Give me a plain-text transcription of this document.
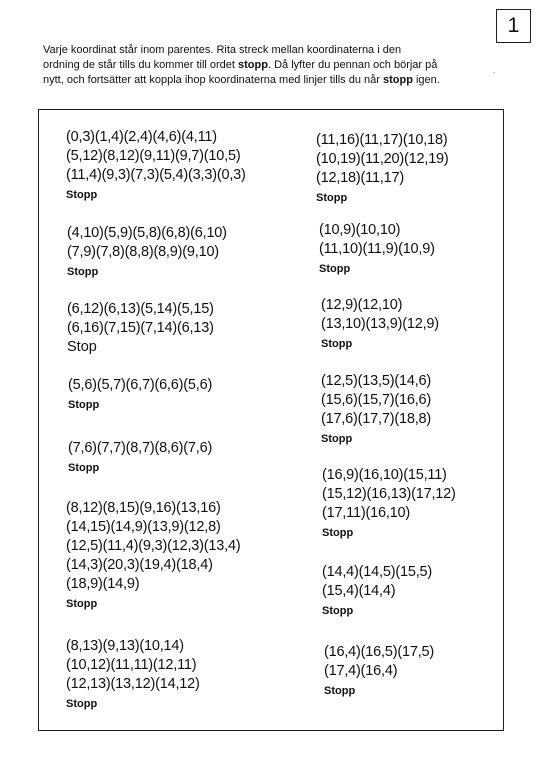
1
Varje koordinat står inom parentes. Rita streck mellan koordinaterna i den
ordning de står tills du kommer till ordet stopp. Då lyfter du pennan och börjar på
nytt, och fortsätter att koppla ihop koordinaterna med linjer tills du når stopp igen.
.
(0,3)(1,4)(2,4)(4,6)(4,11)
(5,12)(8,12)(9,11)(9,7)(10,5)
(11,4)(9,3)(7,3)(5,4)(3,3)(0,3)
Stopp
(4,10)(5,9)(5,8)(6,8)(6,10)
(7,9)(7,8)(8,8)(8,9)(9,10)
Stopp
(6,12)(6,13)(5,14)(5,15)
(6,16)(7,15)(7,14)(6,13)
Stop
(5,6)(5,7)(6,7)(6,6)(5,6)
Stopp
(7,6)(7,7)(8,7)(8,6)(7,6)
Stopp
(8,12)(8,15)(9,16)(13,16)
(14,15)(14,9)(13,9)(12,8)
(12,5)(11,4)(9,3)(12,3)(13,4)
(14,3)(20,3)(19,4)(18,4)
(18,9)(14,9)
Stopp
(8,13)(9,13)(10,14)
(10,12)(11,11)(12,11)
(12,13)(13,12)(14,12)
Stopp
(11,16)(11,17)(10,18)
(10,19)(11,20)(12,19)
(12,18)(11,17)
Stopp
(10,9)(10,10)
(11,10)(11,9)(10,9)
Stopp
(12,9)(12,10)
(13,10)(13,9)(12,9)
Stopp
(12,5)(13,5)(14,6)
(15,6)(15,7)(16,6)
(17,6)(17,7)(18,8)
Stopp
(16,9)(16,10)(15,11)
(15,12)(16,13)(17,12)
(17,11)(16,10)
Stopp
(14,4)(14,5)(15,5)
(15,4)(14,4)
Stopp
(16,4)(16,5)(17,5)
(17,4)(16,4)
Stopp
